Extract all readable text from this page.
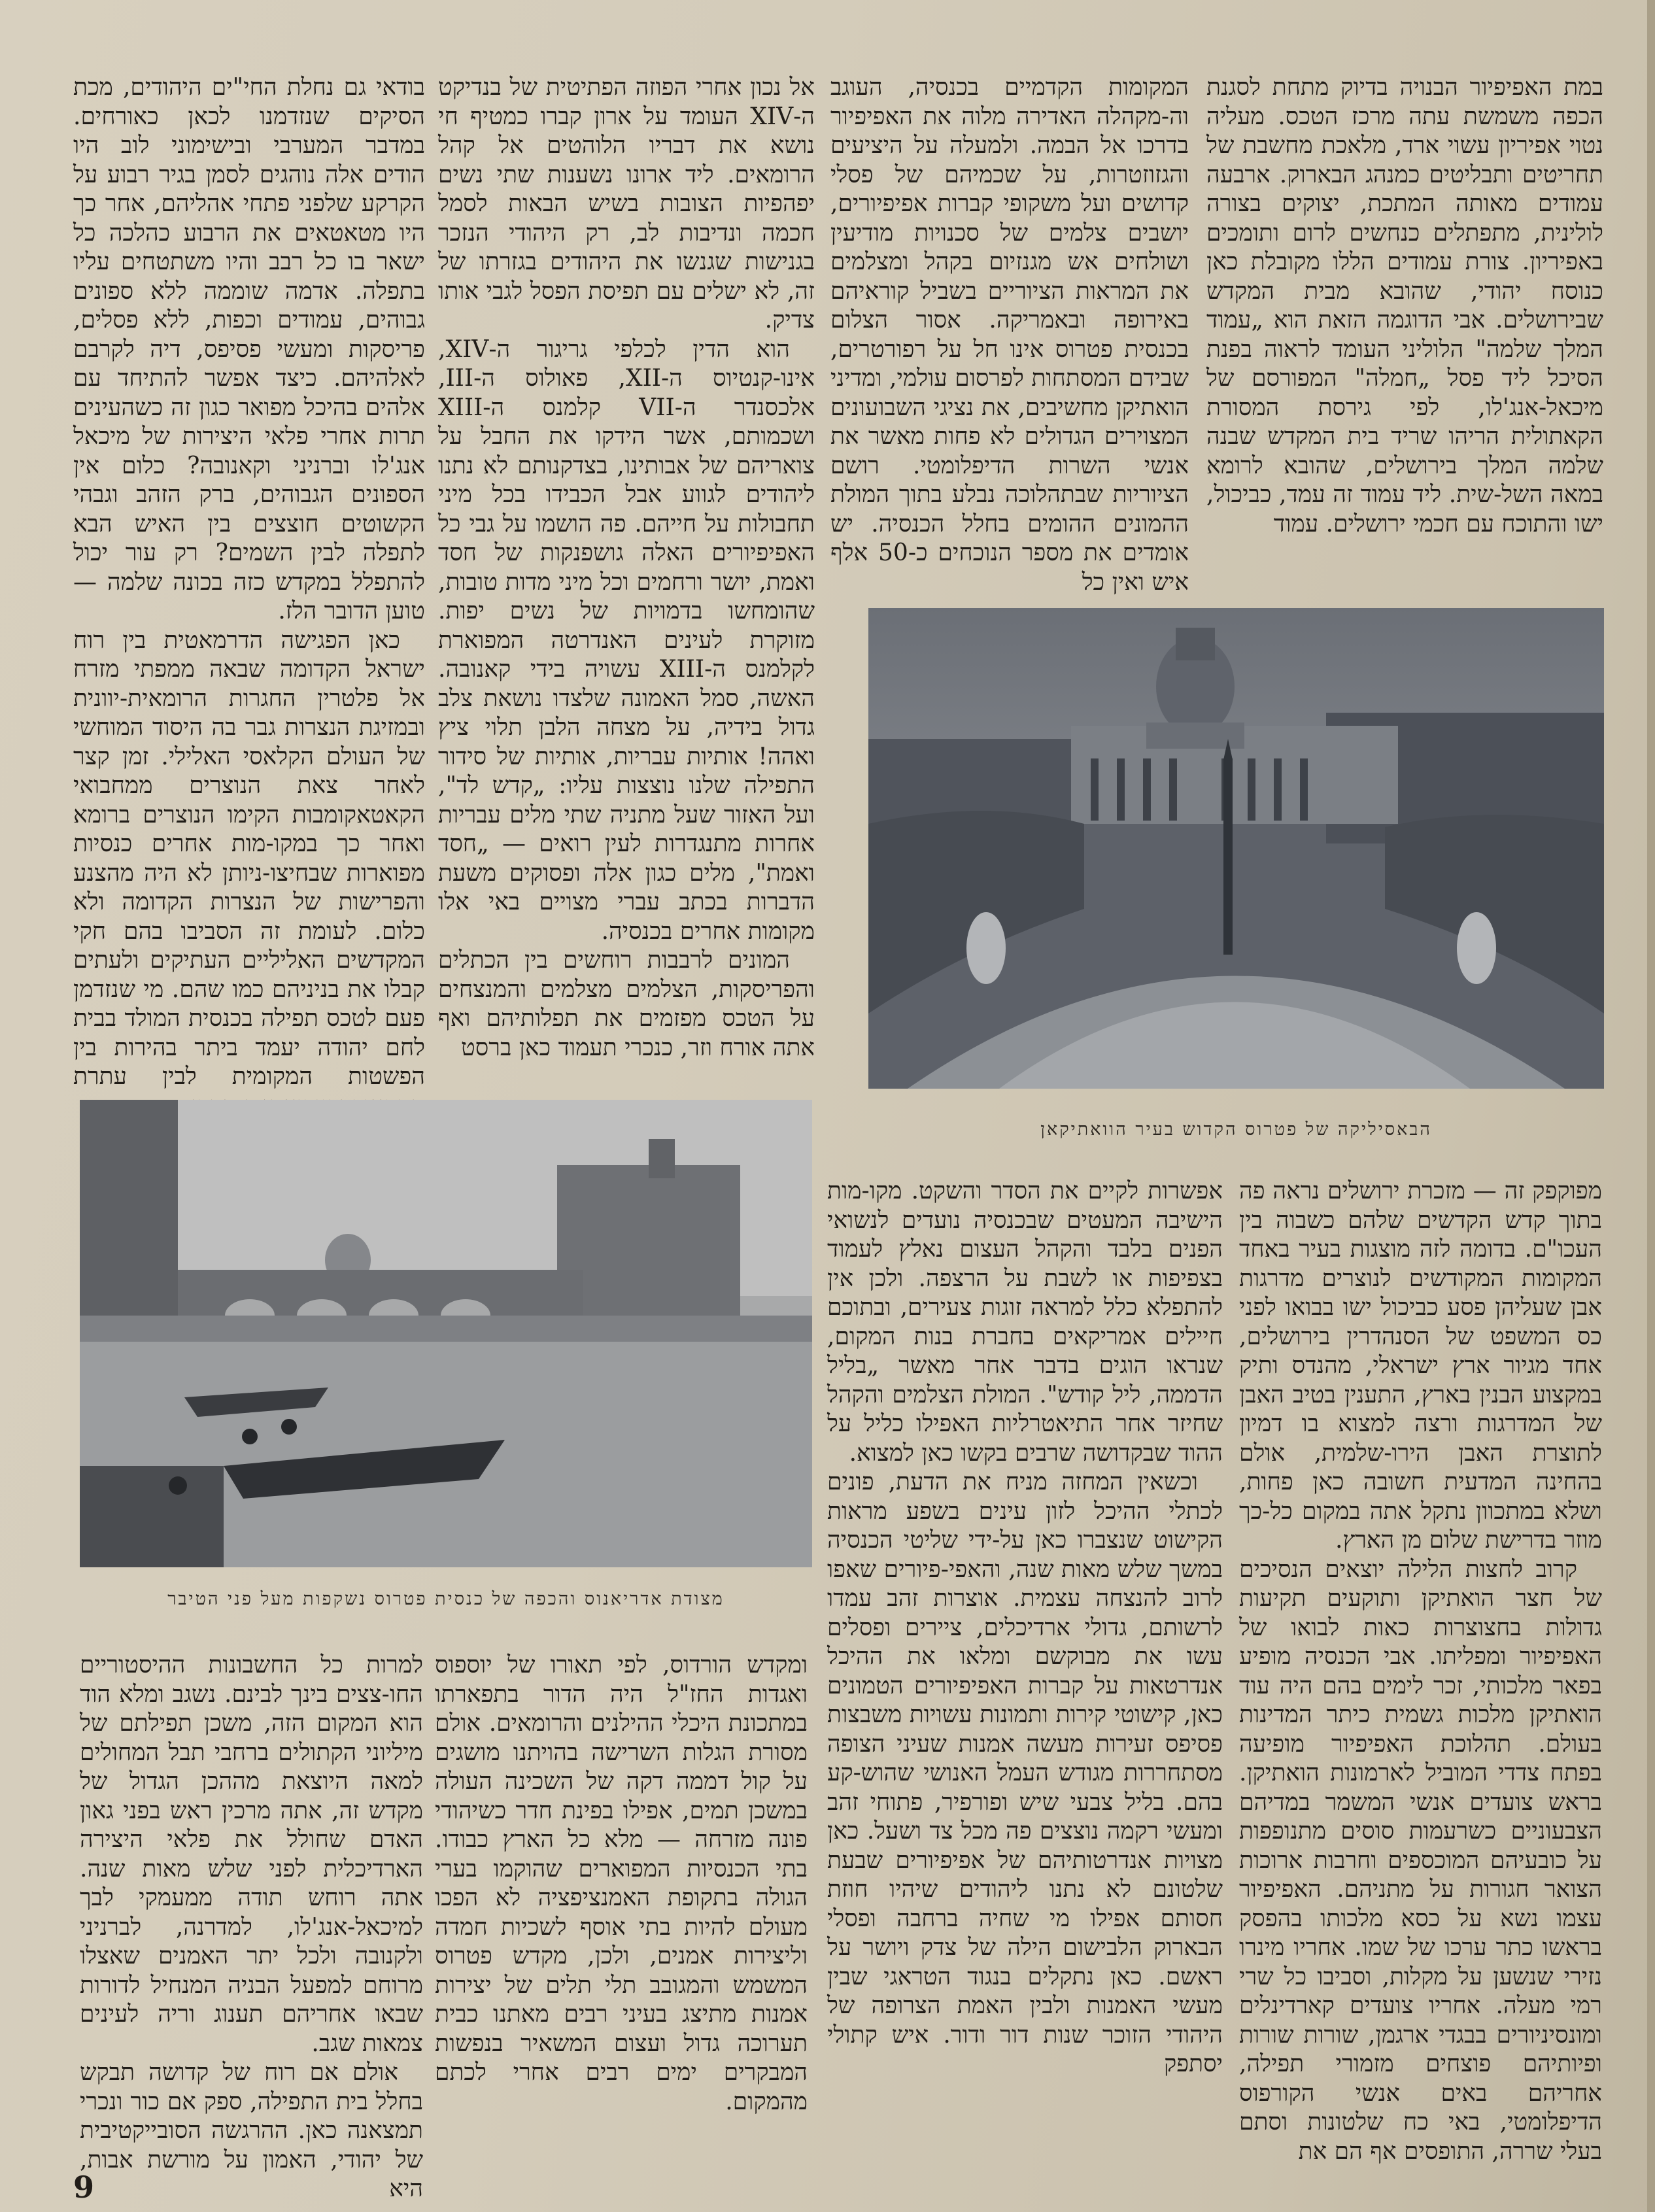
במת האפיפיור הבנויה בדיוק מתחת לסגנת הכפה משמשת עתה מרכז הטכס. מעליה נטוי אפיריון עשוי ארד, מלאכת מחשבת של תחריטים ותבליטים כמנהג הבארוק. ארבעה עמודים מאותה המתכת, יצוקים בצורה לולינית, מתפתלים כנחשים לרום ותומכים באפיריון. צורת עמודים הללו מקובלת כאן כנוסח יהודי, שהובא מבית המקדש שבירושלים. אבי הדוגמה הזאת הוא „עמוד המלך שלמה" הלוליני העומד לראוה בפנת הסיכל ליד פסל „חמלה" המפורסם של מיכאל-אנג'לו, לפי גירסת המסורת הקאתולית הריהו שריד בית המקדש שבנה שלמה המלך בירושלים, שהובא לרומא במאה השל-שית. ליד עמוד זה עמד, כביכול, ישו והתוכח עם חכמי ירושלים. עמוד

המקומות הקדמיים בכנסיה, העוגב וה-מקהלה האדירה מלוה את האפיפיור בדרכו אל הבמה. ולמעלה על היציעים והגזוזטרות, על שכמיהם של פסלי קדושים ועל משקופי קברות אפיפיורים, יושבים צלמים של סכנויות מודיעין ושולחים אש מגנזיום בקהל ומצלמים את המראות הציוריים בשביל קוראיהם באירופה ובאמריקה. אסור הצלום בכנסית פטרוס אינו חל על רפורטרים, שבידם המסתחות לפרסום עולמי, ומדיני הואתיקן מחשיבים, את נציגי השבועונים המצוירים הגדולים לא פחות מאשר את אנשי השרות הדיפלומטי. רושם הציוריות שבתהלוכה נבלע בתוך המולת ההמונים ההומים בחלל הכנסיה. יש אומדים את מספר הנוכחים כ-50 אלף איש ואין כל

אל נכון אחרי הפוזה הפתיטית של בנדיקט ה-XIV העומד על ארון קברו כמטיף חי נושא את דבריו הלוהטים אל קהל הרומאים. ליד ארונו נשענות שתי נשים יפהפיות הצובות בשיש הבאות לסמל חכמה ונדיבות לב, רק היהודי הנזכר בגנישות שגנשו את היהודים בגזרתו של זה, לא ישלים עם תפיסת הפסל לגבי אותו צדיק.

הוא הדין לכלפי גריגור ה-XIV, אינו-קנטיוס ה-XII, פאולוס ה-III, אלכסנדר ה-VII קלמנס ה-XIII ושכמותם, אשר הידקו את החבל על צואריהם של אבותינו, בצדקנותם לא נתנו ליהודים לגווע אבל הכבידו בכל מיני תחבולות על חייהם. פה הושמו על גבי כל האפיפיורים האלה גושפנקות של חסד ואמת, יושר ורחמים וכל מיני מדות טובות, שהומחשו בדמויות של נשים יפות. מזוקרת לעינים האנדרטה המפוארת לקלמנס ה-XIII עשויה בידי קאנובה. האשה, סמל האמונה שלצדו נושאת צלב גדול בידיה, על מצחה הלבן תלוי ציץ ואהה! אותיות עבריות, אותיות של סידור התפילה שלנו נוצצות עליו: „קדש לד", ועל האזור שעל מתניה שתי מלים עבריות אחרות מתנגדרות לעין רואים — „חסד ואמת", מלים כגון אלה ופסוקים משעת הדברות בכתב עברי מצויים באי אלו מקומות אחרים בכנסיה.

המונים לרבבות רוחשים בין הכתלים והפריסקות, הצלמים מצלמים והמנצחים על הטכס מפזמים את תפלותיהם ואף אתה אורח וזר, כנכרי תעמוד כאן ברסט

בודאי גם נחלת החי"ים היהודים, מכת הסיקים שנזדמנו לכאן כאורחים. במדבר המערבי ובישימוני לוב היו הודים אלה נוהגים לסמן בגיר רבוע על הקרקע שלפני פתחי אהליהם, אחר כך היו מטאטאים את הרבוע כהלכה כל ישאר בו כל רבב והיו משתטחים עליו בתפלה. אדמה שוממה ללא ספונים גבוהים, עמודים וכפות, ללא פסלים, פריסקות ומעשי פסיפס, דיה לקרבם לאלהיהם. כיצד אפשר להתיחד עם אלהים בהיכל מפואר כגון זה כשהעינים תרות אחרי פלאי היצירות של מיכאל אנג'לו וברניני וקאנובה? כלום אין הספונים הגבוהים, ברק הזהב וגבהי הקשוטים חוצצים בין האיש הבא לתפלה לבין השמים? רק עור יכול להתפלל במקדש כזה בכונה שלמה — טוען הדובר הלז.

כאן הפגישה הדרמאטית בין רוח ישראל הקדומה שבאה ממפתי מזרח אל פלטרין החגרות הרומאית-יוונית ובמזיגת הנצרות גבר בה היסוד המוחשי של העולם הקלאסי האלילי. זמן קצר לאחר צאת הנוצרים ממחבואי הקאטאקומבות הקימו הנוצרים ברומא ואחר כך במקו-מות אחרים כנסיות מפוארות שבחיצו-ניותן לא היה מהצנע והפרישות של הנצרות הקדומה ולא כלום. לעומת זה הסביבו בהם חקי המקדשים האליליים העתיקים ולעתים קבלו את בניניהם כמו שהם. מי שנזדמן פעם לטכס תפילה בכנסית המולד בבית לחם יהודה יעמד ביתר בהירות בין הפשטות המקומית לבין עתרת

הבאסיליקה של פטרוס הקדוש בעיר הוואתיקאן

מפוקפק זה — מזכרת ירושלים נראה פה בתוך קדש הקדשים שלהם כשבוה בין העכו"ם. בדומה לזה מוצגות בעיר באחד המקומות המקודשים לנוצרים מדרגות אבן שעליהן פסע כביכול ישו בבואו לפני כס המשפט של הסנהדרין בירושלים, אחד מגיור ארץ ישראלי, מהנדס ותיק במקצוע הבנין בארץ, התענין בטיב האבן של המדרגות ורצה למצוא בו דמיון לתוצרת האבן הירו-שלמית, אולם בהחינה המדעית חשובה כאן פחות, ושלא במתכוון נתקל אתה במקום כל-כך מוזר בדרישת שלום מן הארץ.

קרוב לחצות הלילה יוצאים הנסיכים של חצר הואתיקן ותוקעים תקיעות גדולות בחצוצרות כאות לבואו של האפיפיור ומפליתו. אבי הכנסיה מופיע בפאר מלכותי, זכר לימים בהם היה עוד הואתיקן מלכות גשמית כיתר המדינות בעולם. תהלוכת האפיפיור מופיעה בפתח צדדי המוביל לארמונות הואתיקן. בראש צועדים אנשי המשמר במדיהם הצבעוניים כשרעמות סוסים מתנופפות על כובעיהם המוכספים וחרבות ארוכות הצואר חגורות על מתניהם. האפיפיור עצמו נשא על כסא מלכותו בהפסק בראשו כתר ערכו של שמו. אחריו מינרו נזירי שנשען על מקלות, וסביבו כל שרי רמי מעלה. אחריו צועדים קארדינלים ומונסיניורים בבגדי ארגמן, שורות שורות ופיותיהם פוצחים מזמורי תפילה, אחריהם באים אנשי הקורפוס הדיפלומטי, באי כח שלטונות וסתם בעלי שררה, התופסים אף הם את

אפשרות לקיים את הסדר והשקט. מקו-מות הישיבה המעטים שבכנסיה נועדים לנשואי הפנים בלבד והקהל העצום נאלץ לעמוד בצפיפות או לשבת על הרצפה. ולכן אין להתפלא כלל למראה זוגות צעירים, ובתוכם חיילים אמריקאים בחברת בנות המקום, שנראו הוגים בדבר אחר מאשר „בליל הדממה, ליל קודש". המולת הצלמים והקהל שחיזר אחר התיאטרליות האפילו כליל על ההוד שבקדושה שרבים בקשו כאן למצוא.

וכשאין המחזה מניח את הדעת, פונים לכתלי ההיכל לזון עינים בשפע מראות הקישוט שנצברו כאן על-ידי שליטי הכנסיה במשך שלש מאות שנה, והאפי-פיורים שאפו לרוב להנצחה עצמית. אוצרות זהב עמדו לרשותם, גדולי ארדיכלים, ציירים ופסלים עשו את מבוקשם ומלאו את ההיכל אנדרטאות על קברות האפיפיורים הטמונים כאן, קישוטי קירות ותמונות עשויות משבצות פסיפס זעירות מעשה אמנות שעיני הצופה מסתחררות מגודש העמל האנושי שהוש-קע בהם. בליל צבעי שיש ופורפיר, פתוחי זהב ומעשי רקמה נוצצים פה מכל צד ושעל. כאן מצויות אנדרטותיהם של אפיפיורים שבעת שלטונם לא נתנו ליהודים שיהיו חוזת חסותם אפילו מי שחיה ברחבה ופסלי הבארוק הלבישום הילה של צדק ויושר על ראשם. כאן נתקלים בנגוד הטראגי שבין מעשי האמנות ולבין האמת הצרופה של היהודי הזוכר שנות דור ודור. איש קתולי יסתפק

מצודת אדריאנוס והכפה של כנסית פטרוס נשקפות מעל פני הטיבר

ומקדש הורדוס, לפי תאורו של יוספוס ואגדות החז"ל היה הדור בתפארתו במתכונת היכלי ההילנים והרומאים. אולם מסורת הגלות השרישה בהויתנו מושגים על קול דממה דקה של השכינה העולה במשכן תמים, אפילו בפינת חדר כשיהודי פונה מזרחה — מלא כל הארץ כבודו. בתי הכנסיות המפוארים שהוקמו בערי הגולה בתקופת האמנציפציה לא הפכו מעולם להיות בתי אוסף לשכיות חמדה וליצירות אמנים, ולכן, מקדש פטרוס המשמש והמגובב תלי תלים של יצירות אמנות מתיצג בעיני רבים מאתנו כבית תערוכה גדול ועצום המשאיר בנפשות המבקרים ימים רבים אחרי לכתם מהמקום.

למרות כל החשבונות ההיסטוריים החו-צצים בינך לבינם. נשגב ומלא הוד הוא המקום הזה, משכן תפילתם של מיליוני הקתולים ברחבי תבל המחולים למאה היוצאת מההכן הגדול של מקדש זה, אתה מרכין ראש בפני גאון האדם שחולל את פלאי היצירה הארדיכלית לפני שלש מאות שנה. אתה רוחש תודה ממעמקי לבך למיכאל-אנג'לו, למדרנה, לברניני ולקנובה ולכל יתר האמנים שאצלו מרוחם למפעל הבניה המנחיל לדורות שבאו אחריהם תענוג וריה לעינים צמאות שגב.

אולם אם רוח של קדושה תבקש בחלל בית התפילה, ספק אם כור ונכרי תמצאנה כאן. ההרגשה הסובייקטיבית של יהודי, האמון על מורשת אבות, היא

9
